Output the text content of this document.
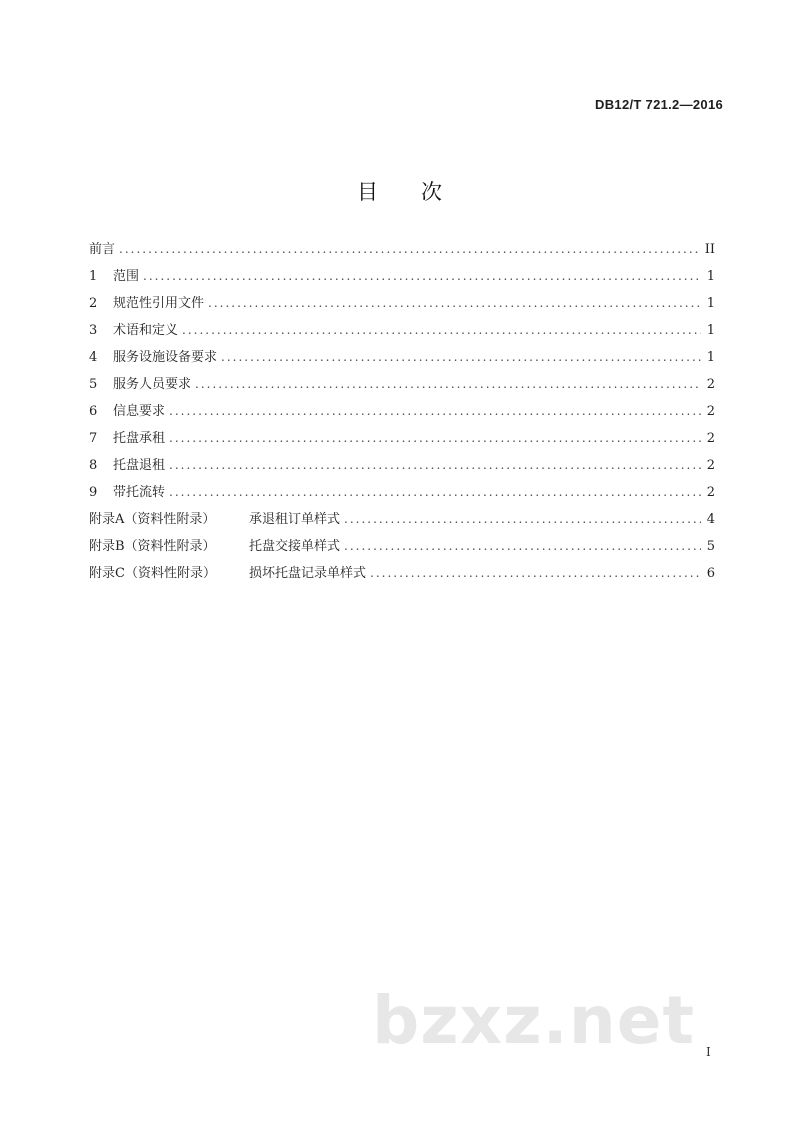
DB12/T 721.2—2016
目 次
前言 .....	II
1	范围 .....	1
2	规范性引用文件 .....	1
3	术语和定义 .....	1
4	服务设施设备要求 .....	1
5	服务人员要求 .....	2
6	信息要求 .....	2
7	托盘承租 .....	2
8	托盘退租 .....	2
9	带托流转 .....	2
附录A（资料性附录）	承退租订单样式 .....	4
附录B（资料性附录）	托盘交接单样式 .....	5
附录C（资料性附录）	损坏托盘记录单样式 .....	6
bzxz.net I
